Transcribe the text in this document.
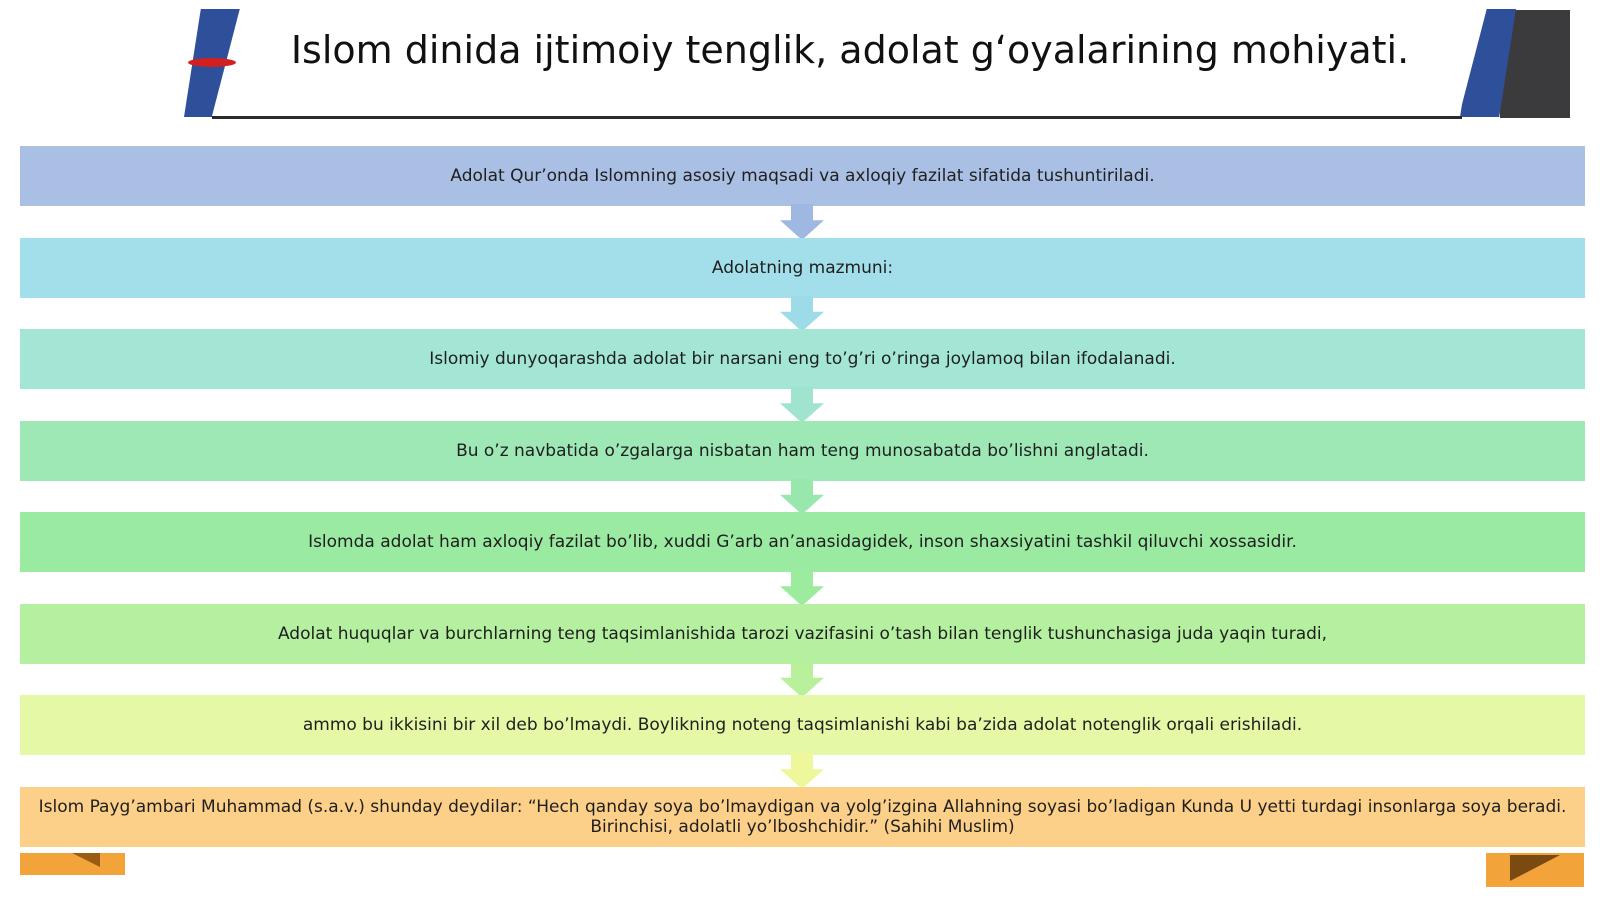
Islom dinida ijtimoiy tenglik, adolat g‘oyalarining mohiyati.
Adolat Qur’onda Islomning asosiy maqsadi va axloqiy fazilat sifatida tushuntiriladi.
Adolatning mazmuni:
Islomiy dunyoqarashda adolat bir narsani eng to’g’ri o’ringa joylamoq bilan ifodalanadi.
Bu o’z navbatida o’zgalarga nisbatan ham teng munosabatda bo’lishni anglatadi.
Islomda adolat ham axloqiy fazilat bo’lib, xuddi G’arb an’anasidagidek, inson shaxsiyatini tashkil qiluvchi xossasidir.
Adolat huquqlar va burchlarning teng taqsimlanishida tarozi vazifasini o’tash bilan tenglik tushunchasiga juda yaqin turadi,
ammo bu ikkisini bir xil deb bo’lmaydi. Boylikning noteng taqsimlanishi kabi ba’zida adolat notenglik orqali erishiladi.
Islom Payg’ambari Muhammad (s.a.v.) shunday deydilar: “Hech qanday soya bo’lmaydigan va yolg’izgina Allahning soyasi bo’ladigan Kunda U yetti turdagi insonlarga soya beradi. Birinchisi, adolatli yo’lboshchidir.” (Sahihi Muslim)
